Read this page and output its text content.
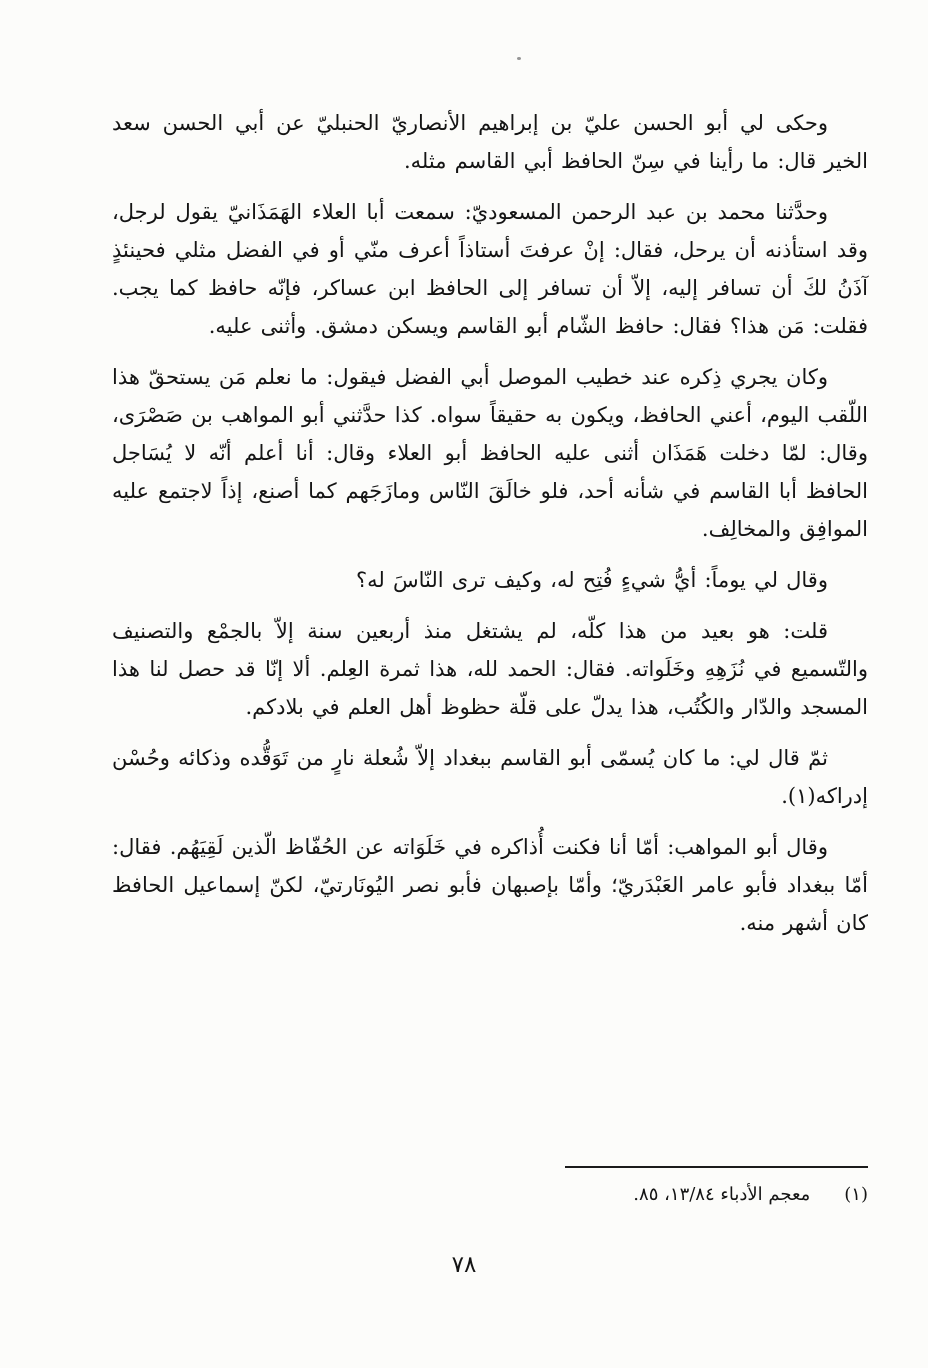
وحكى لي أبو الحسن عليّ بن إبراهيم الأنصاريّ الحنبليّ عن أبي الحسن سعد الخير قال: ما رأينا في سِنّ الحافظ أبي القاسم مثله.

وحدَّثنا محمد بن عبد الرحمن المسعوديّ: سمعت أبا العلاء الهَمَذَانيّ يقول لرجل، وقد استأذنه أن يرحل، فقال: إنْ عرفتَ أستاذاً أعرف منّي أو في الفضل مثلي فحينئذٍ آذَنُ لكَ أن تسافر إليه، إلاّ أن تسافر إلى الحافظ ابن عساكر، فإنّه حافظ كما يجب. فقلت: مَن هذا؟ فقال: حافظ الشّام أبو القاسم ويسكن دمشق. وأثنى عليه.

وكان يجري ذِكره عند خطيب الموصل أبي الفضل فيقول: ما نعلم مَن يستحقّ هذا اللّقب اليوم، أعني الحافظ، ويكون به حقيقاً سواه. كذا حدَّثني أبو المواهب بن صَصْرَى، وقال: لمّا دخلت هَمَذَان أثنى عليه الحافظ أبو العلاء وقال: أنا أعلم أنّه لا يُسَاجل الحافظ أبا القاسم في شأنه أحد، فلو خالَقَ النّاس ومازَجَهم كما أصنع، إذاً لاجتمع عليه الموافِق والمخالِف.

وقال لي يوماً: أيُّ شيءٍ فُتِح له، وكيف ترى النّاسَ له؟

قلت: هو بعيد من هذا كلّه، لم يشتغل منذ أربعين سنة إلاّ بالجمْع والتصنيف والتّسميع في نُزَهِهِ وخَلَواته. فقال: الحمد لله، هذا ثمرة العِلم. ألا إنّا قد حصل لنا هذا المسجد والدّار والكُتُب، هذا يدلّ على قلّة حظوظ أهل العلم في بلادكم.

ثمّ قال لي: ما كان يُسمّى أبو القاسم ببغداد إلاّ شُعلة نارٍ من تَوَقُّده وذكائه وحُسْن إدراكه(١).

وقال أبو المواهب: أمّا أنا فكنت أُذاكره في خَلَوَاته عن الحُفّاظ الّذين لَقِيَهُم. فقال: أمّا ببغداد فأبو عامر العَبْدَريّ؛ وأمّا بإصبهان فأبو نصر اليُونَارتيّ، لكنّ إسماعيل الحافظ كان أشهر منه.

(١)
معجم الأدباء ١٣/٨٤، ٨٥.
٧٨
